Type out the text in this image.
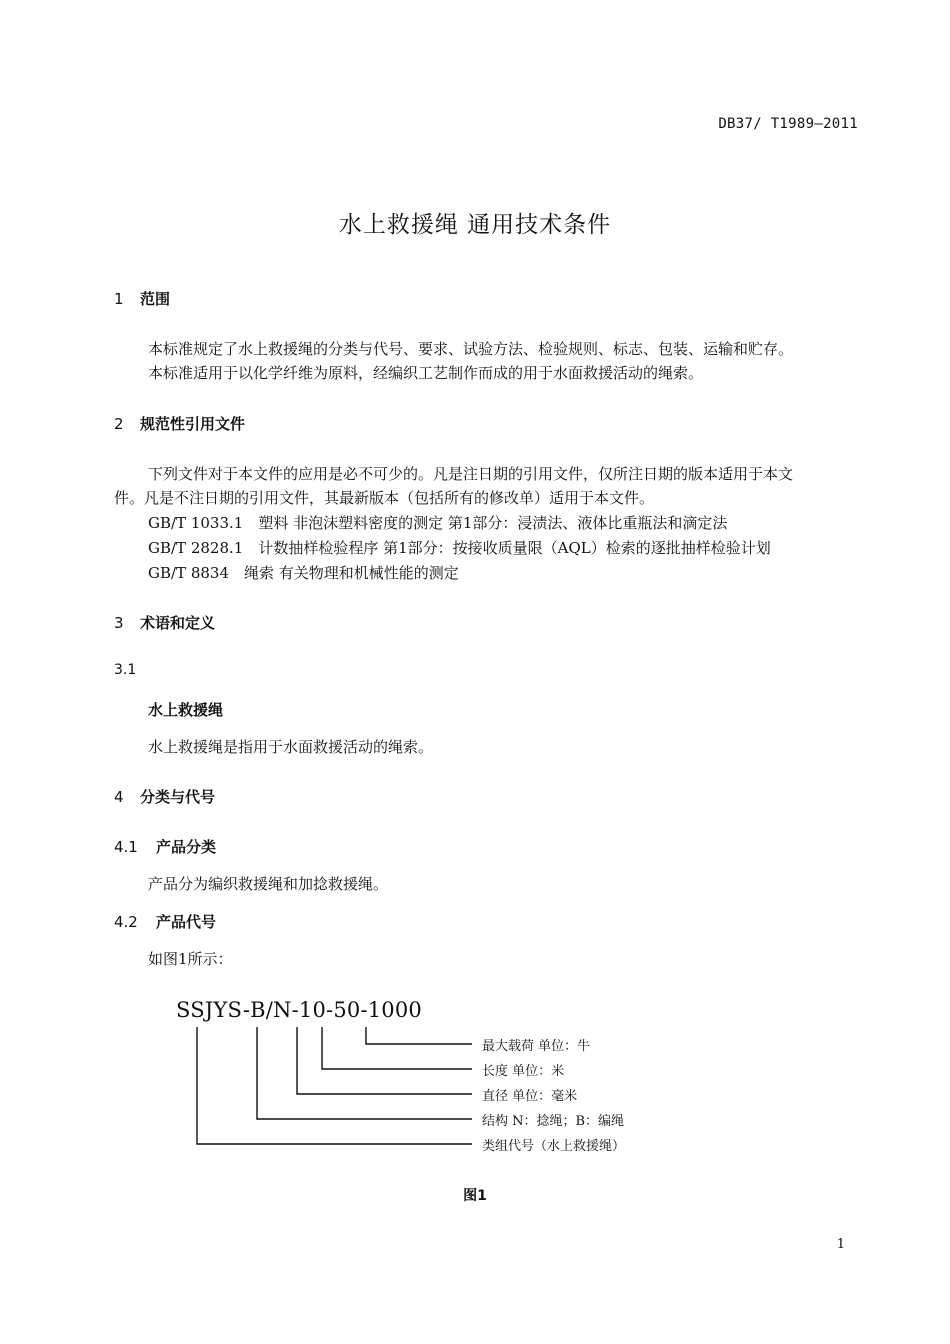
DB37/ T1989—2011
水上救援绳 通用技术条件
1 范围
本标准规定了水上救援绳的分类与代号、要求、试验方法、检验规则、标志、包装、运输和贮存。
本标准适用于以化学纤维为原料，经编织工艺制作而成的用于水面救援活动的绳索。
2 规范性引用文件
下列文件对于本文件的应用是必不可少的。凡是注日期的引用文件，仅所注日期的版本适用于本文
件。凡是不注日期的引用文件，其最新版本（包括所有的修改单）适用于本文件。
GB/T 1033.1　塑料 非泡沫塑料密度的测定 第1部分：浸渍法、液体比重瓶法和滴定法
GB/T 2828.1　计数抽样检验程序 第1部分：按接收质量限（AQL）检索的逐批抽样检验计划
GB/T 8834　绳索 有关物理和机械性能的测定
3 术语和定义
3.1
水上救援绳
水上救援绳是指用于水面救援活动的绳索。
4 分类与代号
4.1 产品分类
产品分为编织救援绳和加捻救援绳。
4.2 产品代号
如图1所示：
SSJYS-B/N-10-50-1000
最大载荷 单位：牛
长度 单位：米
直径 单位：毫米
结构 N：捻绳；B：编绳
类组代号（水上救援绳）
图1
1
